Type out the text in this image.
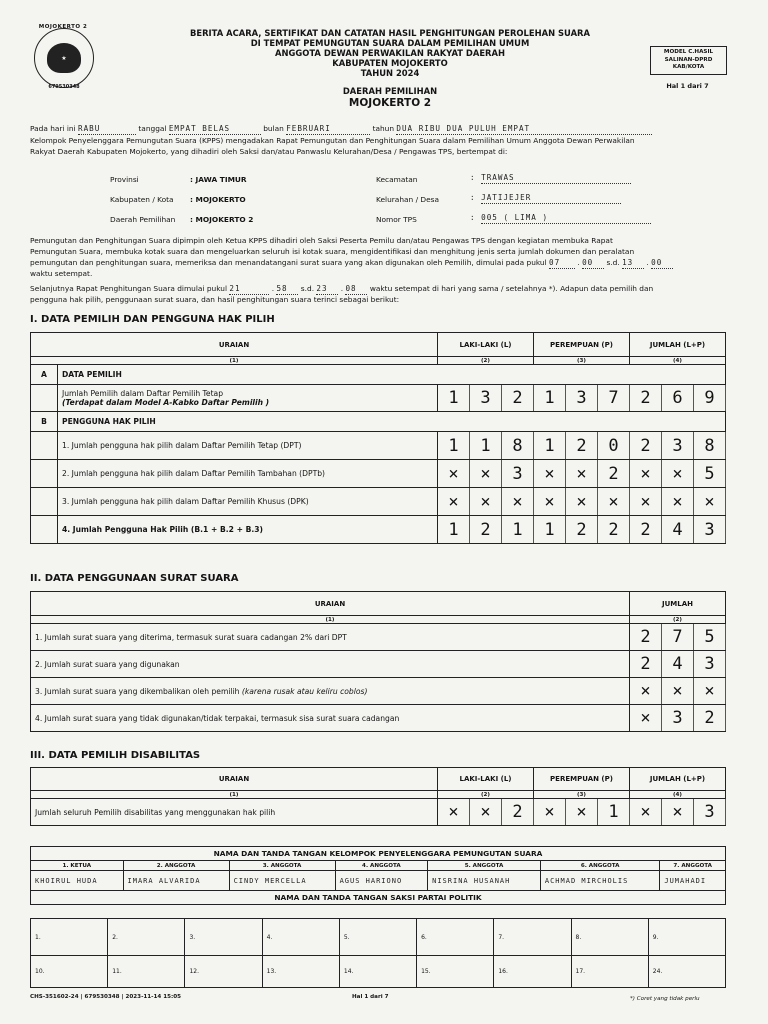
MOJOKERTO 2
★
679530348
BERITA ACARA, SERTIFIKAT DAN CATATAN HASIL PENGHITUNGAN PEROLEHAN SUARA
DI TEMPAT PEMUNGUTAN SUARA DALAM PEMILIHAN UMUM
ANGGOTA DEWAN PERWAKILAN RAKYAT DAERAH
KABUPATEN MOJOKERTO
TAHUN 2024
DAERAH PEMILIHAN
MOJOKERTO 2
MODEL C.HASIL
SALINAN-DPRD
KAB/KOTA
Hal 1 dari 7
Pada hari ini RABU	tanggal EMPAT BELAS	bulan FEBRUARI	tahun DUA RIBU DUA PULUH EMPAT
Kelompok Penyelenggara Pemungutan Suara (KPPS) mengadakan Rapat Pemungutan dan Penghitungan Suara dalam Pemilihan Umum Anggota Dewan Perwakilan
Rakyat Daerah Kabupaten Mojokerto, yang dihadiri oleh Saksi dan/atau Panwaslu Kelurahan/Desa / Pengawas TPS, bertempat di:
Provinsi	: JAWA TIMUR
Kabupaten / Kota : MOJOKERTO
Daerah Pemilihan : MOJOKERTO 2
Kecamatan	: TRAWAS
Kelurahan / Desa	: JATIJEJER
Nomor TPS	: 005 ( LIMA )
Pemungutan dan Penghitungan Suara dipimpin oleh Ketua KPPS dihadiri oleh Saksi Peserta Pemilu dan/atau Pengawas TPS dengan kegiatan membuka Rapat
Pemungutan Suara, membuka kotak suara dan mengeluarkan seluruh isi kotak suara, mengidentifikasi dan menghitung jenis serta jumlah dokumen dan peralatan
pemungutan dan penghitungan suara, memeriksa dan menandatangani surat suara yang akan digunakan oleh Pemilih, dimulai pada pukul 07 . 00 s.d. 13 . 00
waktu setempat.
Selanjutnya Rapat Penghitungan Suara dimulai pukul 21	. 58 s.d. 23 . 08 waktu setempat di hari yang sama / setelahnya *). Adapun data pemilih dan
pengguna hak pilih, penggunaan surat suara, dan hasil penghitungan suara terinci sebagai berikut:
I. DATA PEMILIH DAN PENGGUNA HAK PILIH
URAIAN		LAKI-LAKI (L)			PEREMPUAN (P)			JUMLAH (L+P)		
(1)		(2)			(3)			(4)		
A	DATA PEMILIH									

	Jumlah Pemilih dalam Daftar Pemilih Tetap
(Terdapat dalam Model A-Kabko Daftar Pemilih )	1	3	2	1	3	7	2	6	9
B	PENGGUNA HAK PILIH									
	1. Jumlah pengguna hak pilih dalam Daftar Pemilih Tetap (DPT)	1	1	8	1	2	0	2	3	8
	2. Jumlah pengguna hak pilih dalam Daftar Pemilih Tambahan (DPTb)	×	×	3	×	×	2	×	×	5
	3. Jumlah pengguna hak pilih dalam Daftar Pemilih Khusus (DPK)	×	×	×	×	×	×	×	×	×
	4. Jumlah Pengguna Hak Pilih (B.1 + B.2 + B.3)	1	2	1	1	2	2	2	4	3
II. DATA PENGGUNAAN SURAT SUARA
URAIAN	JUMLAH		
(1)	(2)		
1. Jumlah surat suara yang diterima, termasuk surat suara cadangan 2% dari DPT	2	7	5
2. Jumlah surat suara yang digunakan	2	4	3
3. Jumlah surat suara yang dikembalikan oleh pemilih (karena rusak atau keliru coblos)	×	×	×
4. Jumlah surat suara yang tidak digunakan/tidak terpakai, termasuk sisa surat suara cadangan	×	3	2
III. DATA PEMILIH DISABILITAS
URAIAN	LAKI-LAKI (L)			PEREMPUAN (P)			JUMLAH (L+P)		
(1)	(2)			(3)			(4)		
Jumlah seluruh Pemilih disabilitas yang menggunakan hak pilih	×	×	2	×	×	1	×	×	3
NAMA DAN TANDA TANGAN KELOMPOK PENYELENGGARA PEMUNGUTAN SUARA						
1. KETUA	2. ANGGOTA	3. ANGGOTA	4. ANGGOTA	5. ANGGOTA	6. ANGGOTA	7. ANGGOTA
KHOIRUL HUDA	IMARA ALVARIDA	CINDY MERCELLA	AGUS HARIONO	NISRINA HUSANAH	ACHMAD MIRCHOLIS	JUMAHADI
NAMA DAN TANDA TANGAN SAKSI PARTAI POLITIK						
1.	2.	3.	4.	5.	6.	7.	8.	9.
10.	11.	12.	13.	14.	15.	16.	17.	24.
CHS-351602-24 | 679530348 | 2023-11-14 15:05	Hal 1 dari 7	*) Coret yang tidak perlu
